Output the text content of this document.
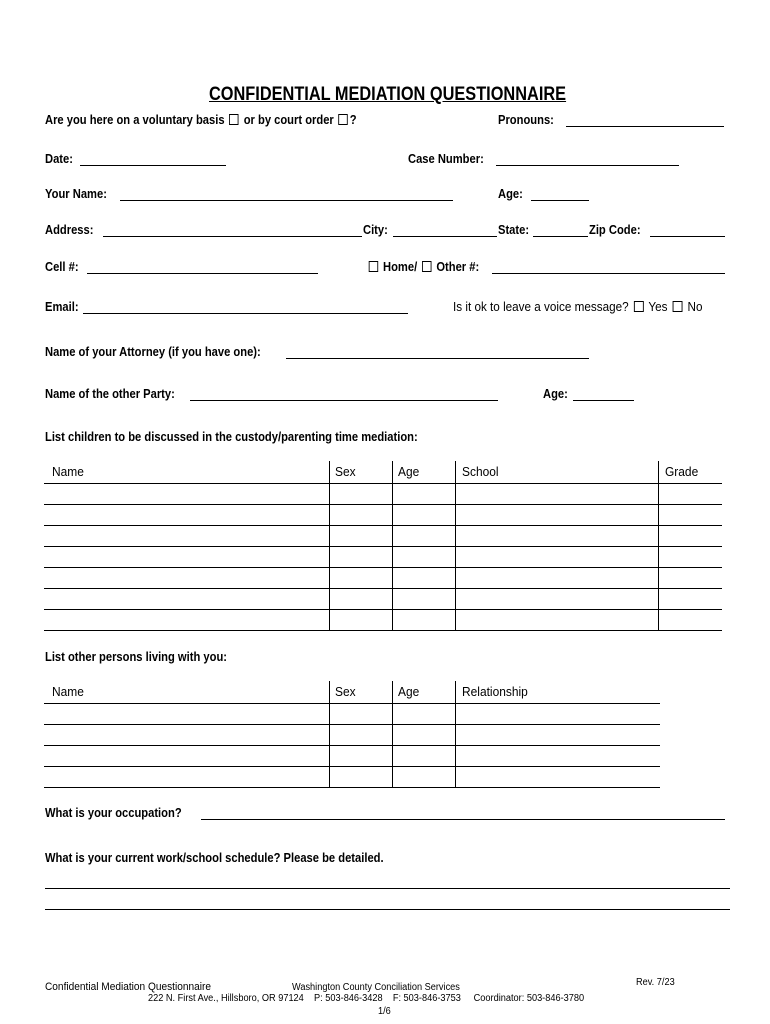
CONFIDENTIAL MEDIATION QUESTIONNAIRE
Are you here on a voluntary basis or by court order ?	Pronouns:
Date:	Case Number:
Your Name:	Age:
Address:	City:	State:	Zip Code:
Cell #:	Home/ Other #:
Email:	Is it ok to leave a voice message? Yes No
Name of your Attorney (if you have one):
Name of the other Party:	Age:
List children to be discussed in the custody/parenting time mediation:
Name	Sex	Age	School	Grade
List other persons living with you:
Name	Sex	Age	Relationship
What is your occupation?
What is your current work/school schedule? Please be detailed.
Confidential Mediation Questionnaire	Washington County Conciliation Services	Rev. 7/23
222 N. First Ave., Hillsboro, OR 97124 P: 503-846-3428 F: 503-846-3753 Coordinator: 503-846-3780
1/6
